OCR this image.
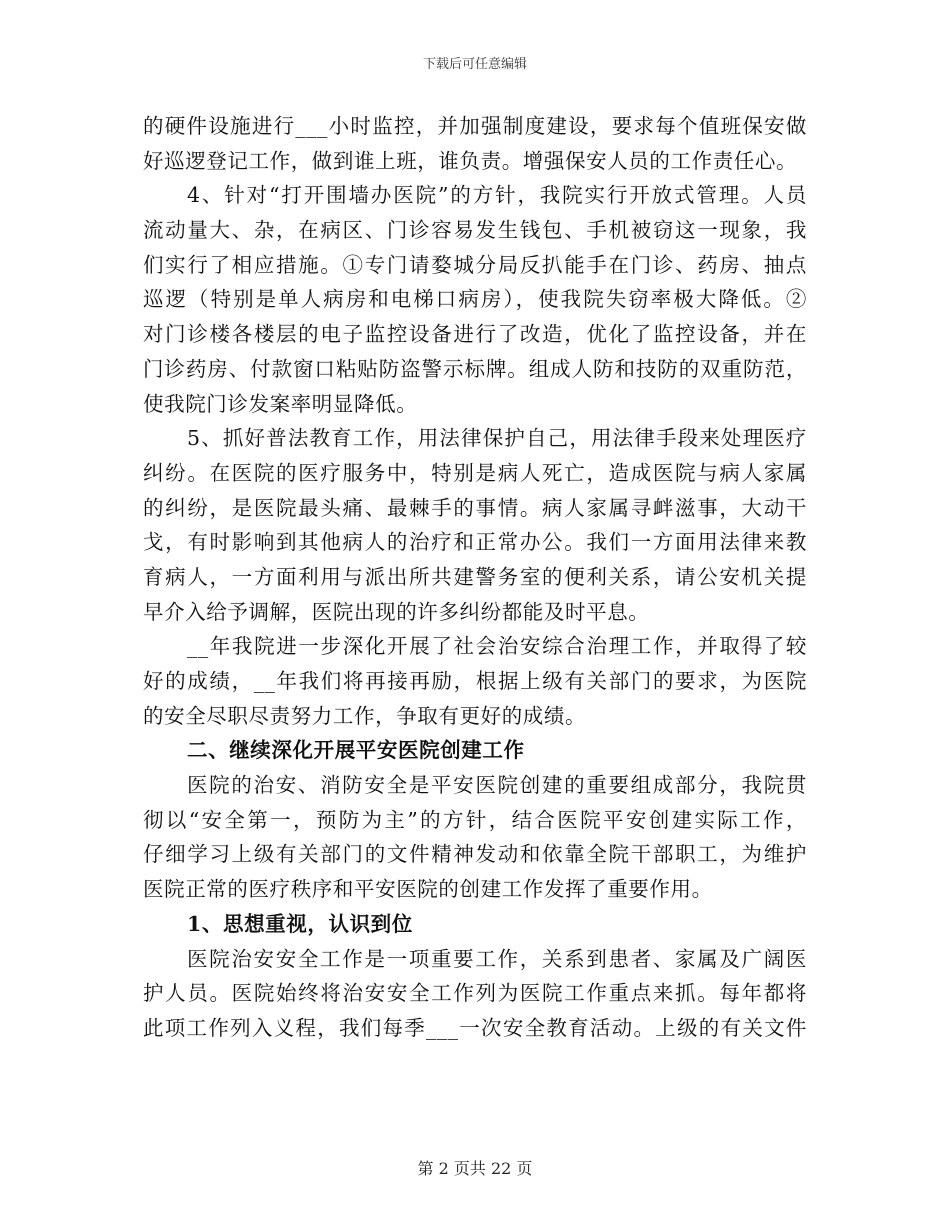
下载后可任意编辑
的硬件设施进行___小时监控，并加强制度建设，要求每个值班保安做
好巡逻登记工作，做到谁上班，谁负责。增强保安人员的工作责任心。
4、针对“打开围墙办医院”的方针，我院实行开放式管理。人员
流动量大、杂，在病区、门诊容易发生钱包、手机被窃这一现象，我
们实行了相应措施。①专门请婺城分局反扒能手在门诊、药房、抽点
巡逻（特别是单人病房和电梯口病房），使我院失窃率极大降低。②
对门诊楼各楼层的电子监控设备进行了改造，优化了监控设备，并在
门诊药房、付款窗口粘贴防盗警示标牌。组成人防和技防的双重防范，
使我院门诊发案率明显降低。
5、抓好普法教育工作，用法律保护自己，用法律手段来处理医疗
纠纷。在医院的医疗服务中，特别是病人死亡，造成医院与病人家属
的纠纷，是医院最头痛、最棘手的事情。病人家属寻衅滋事，大动干
戈，有时影响到其他病人的治疗和正常办公。我们一方面用法律来教
育病人，一方面利用与派出所共建警务室的便利关系，请公安机关提
早介入给予调解，医院出现的许多纠纷都能及时平息。
__年我院进一步深化开展了社会治安综合治理工作，并取得了较
好的成绩，__年我们将再接再励，根据上级有关部门的要求，为医院
的安全尽职尽责努力工作，争取有更好的成绩。
二、继续深化开展平安医院创建工作
医院的治安、消防安全是平安医院创建的重要组成部分，我院贯
彻以“安全第一，预防为主”的方针，结合医院平安创建实际工作，
仔细学习上级有关部门的文件精神发动和依靠全院干部职工，为维护
医院正常的医疗秩序和平安医院的创建工作发挥了重要作用。
1、思想重视，认识到位
医院治安安全工作是一项重要工作，关系到患者、家属及广阔医
护人员。医院始终将治安安全工作列为医院工作重点来抓。每年都将
此项工作列入义程，我们每季___一次安全教育活动。上级的有关文件
第 2 页共 22 页
